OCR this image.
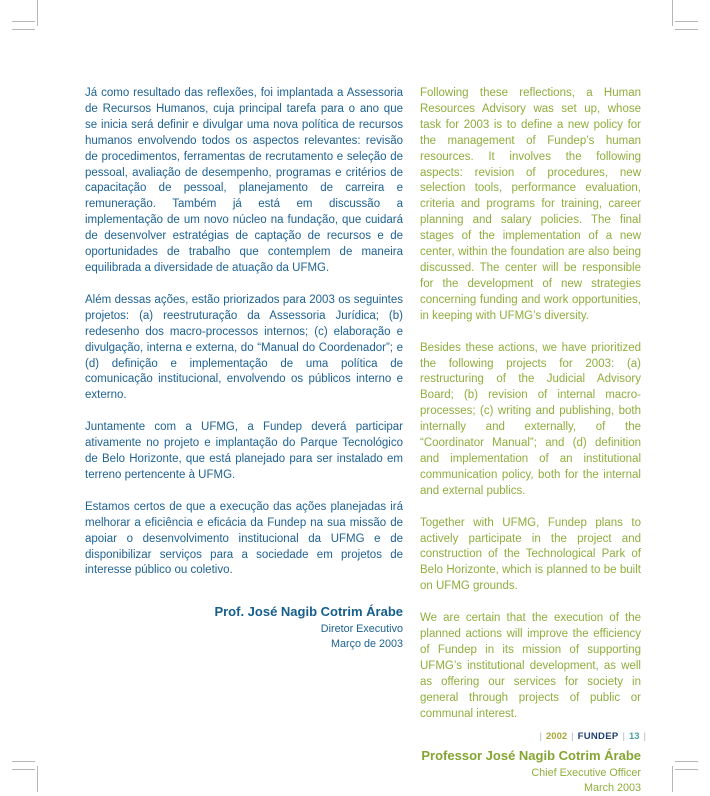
Já como resultado das reflexões, foi implantada a Assessoria de Recursos Humanos, cuja principal tarefa para o ano que se inicia será definir e divulgar uma nova política de recursos humanos envolvendo todos os aspectos relevantes: revisão de procedimentos, ferramentas de recrutamento e seleção de pessoal, avaliação de desempenho, programas e critérios de capacitação de pessoal, planejamento de carreira e remuneração. Também já está em discussão a implementação de um novo núcleo na fundação, que cuidará de desenvolver estratégias de captação de recursos e de oportunidades de trabalho que contemplem de maneira equilibrada a diversidade de atuação da UFMG.

Além dessas ações, estão priorizados para 2003 os seguintes projetos: (a) reestruturação da Assessoria Jurídica; (b) redesenho dos macro-processos internos; (c) elaboração e divulgação, interna e externa, do “Manual do Coordenador”; e (d) definição e implementação de uma política de comunicação institucional, envolvendo os públicos interno e externo.

Juntamente com a UFMG, a Fundep deverá participar ativamente no projeto e implantação do Parque Tecnológico de Belo Horizonte, que está planejado para ser instalado em terreno pertencente à UFMG.

Estamos certos de que a execução das ações planejadas irá melhorar a eficiência e eficácia da Fundep na sua missão de apoiar o desenvolvimento institucional da UFMG e de disponibilizar serviços para a sociedade em projetos de interesse público ou coletivo.

Prof. José Nagib Cotrim Árabe
Diretor Executivo
Março de 2003

Following these reflections, a Human Resources Advisory was set up, whose task for 2003 is to define a new policy for the management of Fundep’s human resources. It involves the following aspects: revision of procedures, new selection tools, performance evaluation, criteria and programs for training, career planning and salary policies. The final stages of the implementation of a new center, within the foundation are also being discussed. The center will be responsible for the development of new strategies concerning funding and work opportunities, in keeping with UFMG’s diversity.

Besides these actions, we have prioritized the following projects for 2003: (a) restructuring of the Judicial Advisory Board; (b) revision of internal macro-processes; (c) writing and publishing, both internally and externally, of the “Coordinator Manual”; and (d) definition and implementation of an institutional communication policy, both for the internal and external publics.

Together with UFMG, Fundep plans to actively participate in the project and construction of the Technological Park of Belo Horizonte, which is planned to be built on UFMG grounds.

We are certain that the execution of the planned actions will improve the efficiency of Fundep in its mission of supporting UFMG’s institutional development, as well as offering our services for society in general through projects of public or communal interest.

Professor José Nagib Cotrim Árabe
Chief Executive Officer
March 2003
| 2002 | FUNDEP | 13 |
